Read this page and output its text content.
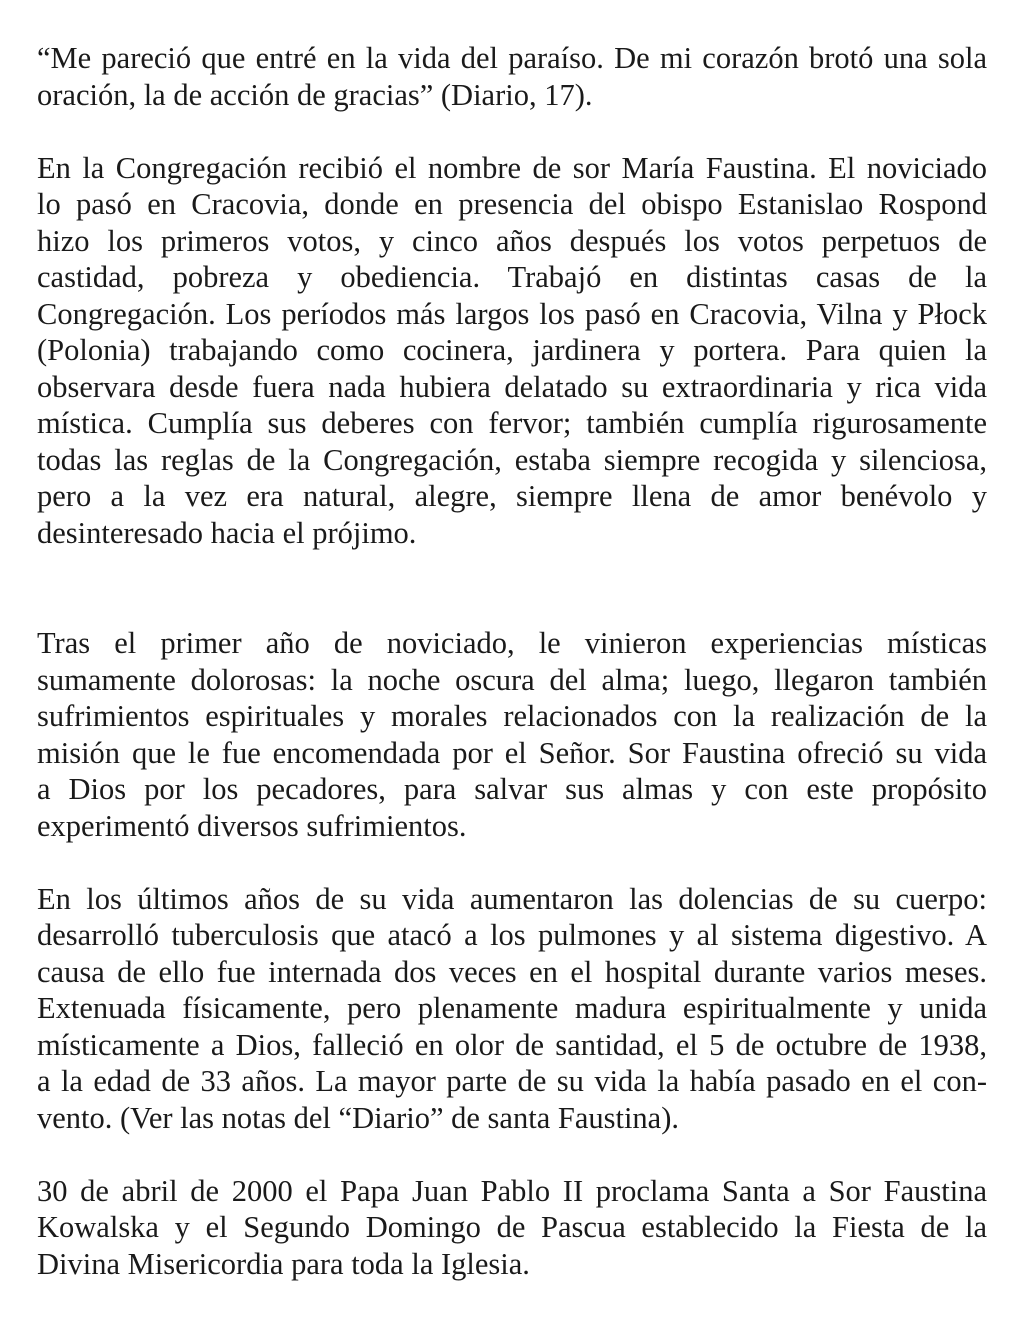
“Me pareció que entré en la vida del paraíso. De mi corazón brotó una sola
oración, la de acción de gracias” (Diario, 17).
En la Congregación recibió el nombre de sor María Faustina. El noviciado
lo pasó en Cracovia, donde en presencia del obispo Estanislao Rospond
hizo los primeros votos, y cinco años después los votos perpetuos de
castidad, pobreza y obediencia. Trabajó en distintas casas de la
Congregación. Los períodos más largos los pasó en Cracovia, Vilna y Płock
(Polonia) trabajando como cocinera, jardinera y portera. Para quien la
observara desde fuera nada hubiera delatado su extraordinaria y rica vida
mística. Cumplía sus deberes con fervor; también cumplía rigurosamente
todas las reglas de la Congregación, estaba siempre recogida y silenciosa,
pero a la vez era natural, alegre, siempre llena de amor benévolo y
desinteresado hacia el prójimo.
Tras el primer año de noviciado, le vinieron experiencias místicas
sumamente dolorosas: la noche oscura del alma; luego, llegaron también
sufrimientos espirituales y morales relacionados con la realización de la
misión que le fue encomendada por el Señor. Sor Faustina ofreció su vida
a Dios por los pecadores, para salvar sus almas y con este propósito
experimentó diversos sufrimientos.
En los últimos años de su vida aumentaron las dolencias de su cuerpo:
desarrolló tuberculosis que atacó a los pulmones y al sistema digestivo. A
causa de ello fue internada dos veces en el hospital durante varios meses.
Extenuada físicamente, pero plenamente madura espiritualmente y unida
místicamente a Dios, falleció en olor de santidad, el 5 de octubre de 1938,
a la edad de 33 años. La mayor parte de su vida la había pasado en el con-
vento. (Ver las notas del “Diario” de santa Faustina).
30 de abril de 2000 el Papa Juan Pablo II proclama Santa a Sor Faustina
Kowalska y el Segundo Domingo de Pascua establecido la Fiesta de la
Divina Misericordia para toda la Iglesia.
